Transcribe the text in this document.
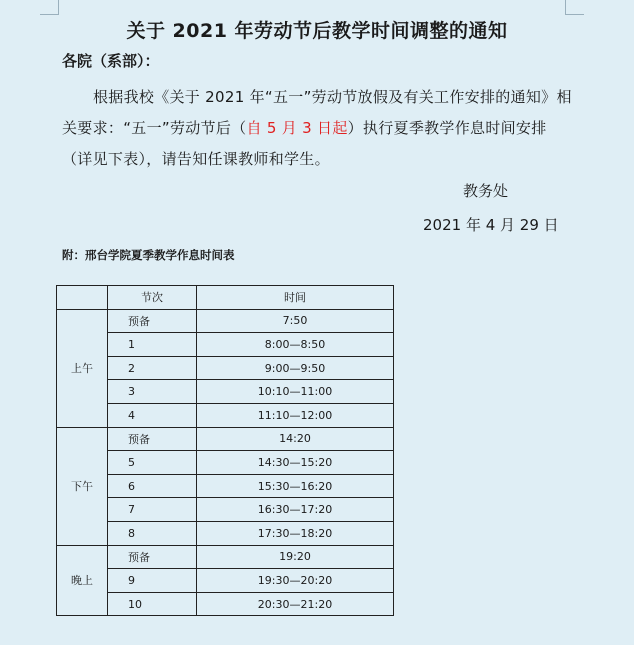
关于 2021 年劳动节后教学时间调整的通知
各院（系部）：
根据我校《关于 2021 年“五一”劳动节放假及有关工作安排的通知》相关要求：“五一”劳动节后（自 5 月 3 日起）执行夏季教学作息时间安排（详见下表），请告知任课教师和学生。
教务处
2021 年 4 月 29 日
附：邢台学院夏季教学作息时间表
	节次	时间
上午	预备	7:50
	1	8:00—8:50
	2	9:00—9:50
	3	10:10—11:00
	4	11:10—12:00
下午	预备	14:20
	5	14:30—15:20
	6	15:30—16:20
	7	16:30—17:20
	8	17:30—18:20
晚上	预备	19:20
	9	19:30—20:20
	10	20:30—21:20
